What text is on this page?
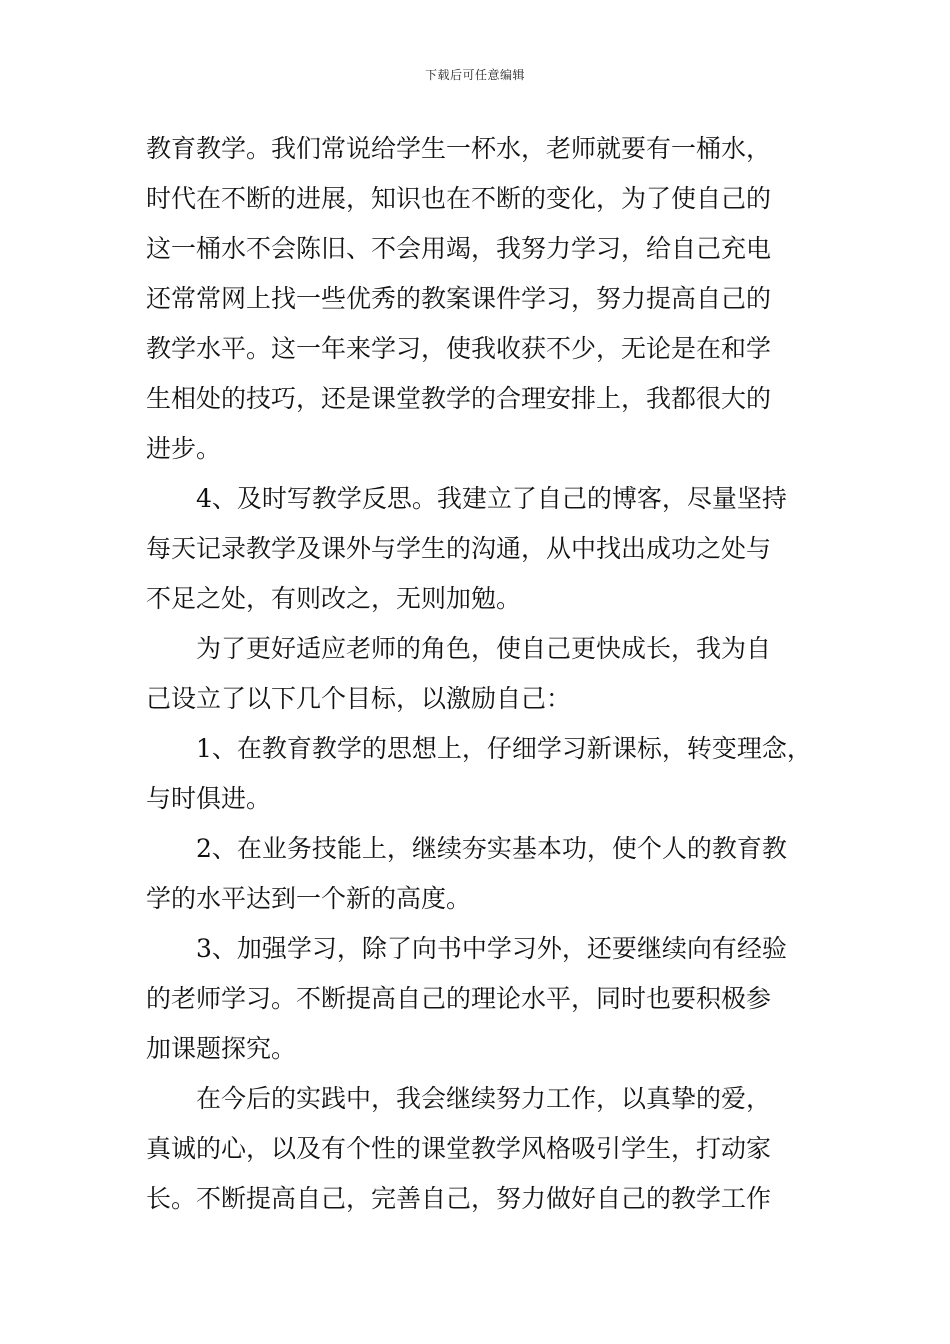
下载后可任意编辑
教育教学。我们常说给学生一杯水，老师就要有一桶水，
时代在不断的进展，知识也在不断的变化，为了使自己的
这一桶水不会陈旧、不会用竭，我努力学习，给自己充电
还常常网上找一些优秀的教案课件学习，努力提高自己的
教学水平。这一年来学习，使我收获不少，无论是在和学
生相处的技巧，还是课堂教学的合理安排上，我都很大的
进步。
4、及时写教学反思。我建立了自己的博客，尽量坚持
每天记录教学及课外与学生的沟通，从中找出成功之处与
不足之处，有则改之，无则加勉。
为了更好适应老师的角色，使自己更快成长，我为自
己设立了以下几个目标，以激励自己：
1、在教育教学的思想上，仔细学习新课标，转变理念，
与时俱进。
2、在业务技能上，继续夯实基本功，使个人的教育教
学的水平达到一个新的高度。
3、加强学习，除了向书中学习外，还要继续向有经验
的老师学习。不断提高自己的理论水平，同时也要积极参
加课题探究。
在今后的实践中，我会继续努力工作，以真挚的爱，
真诚的心，以及有个性的课堂教学风格吸引学生，打动家
长。不断提高自己，完善自己，努力做好自己的教学工作
